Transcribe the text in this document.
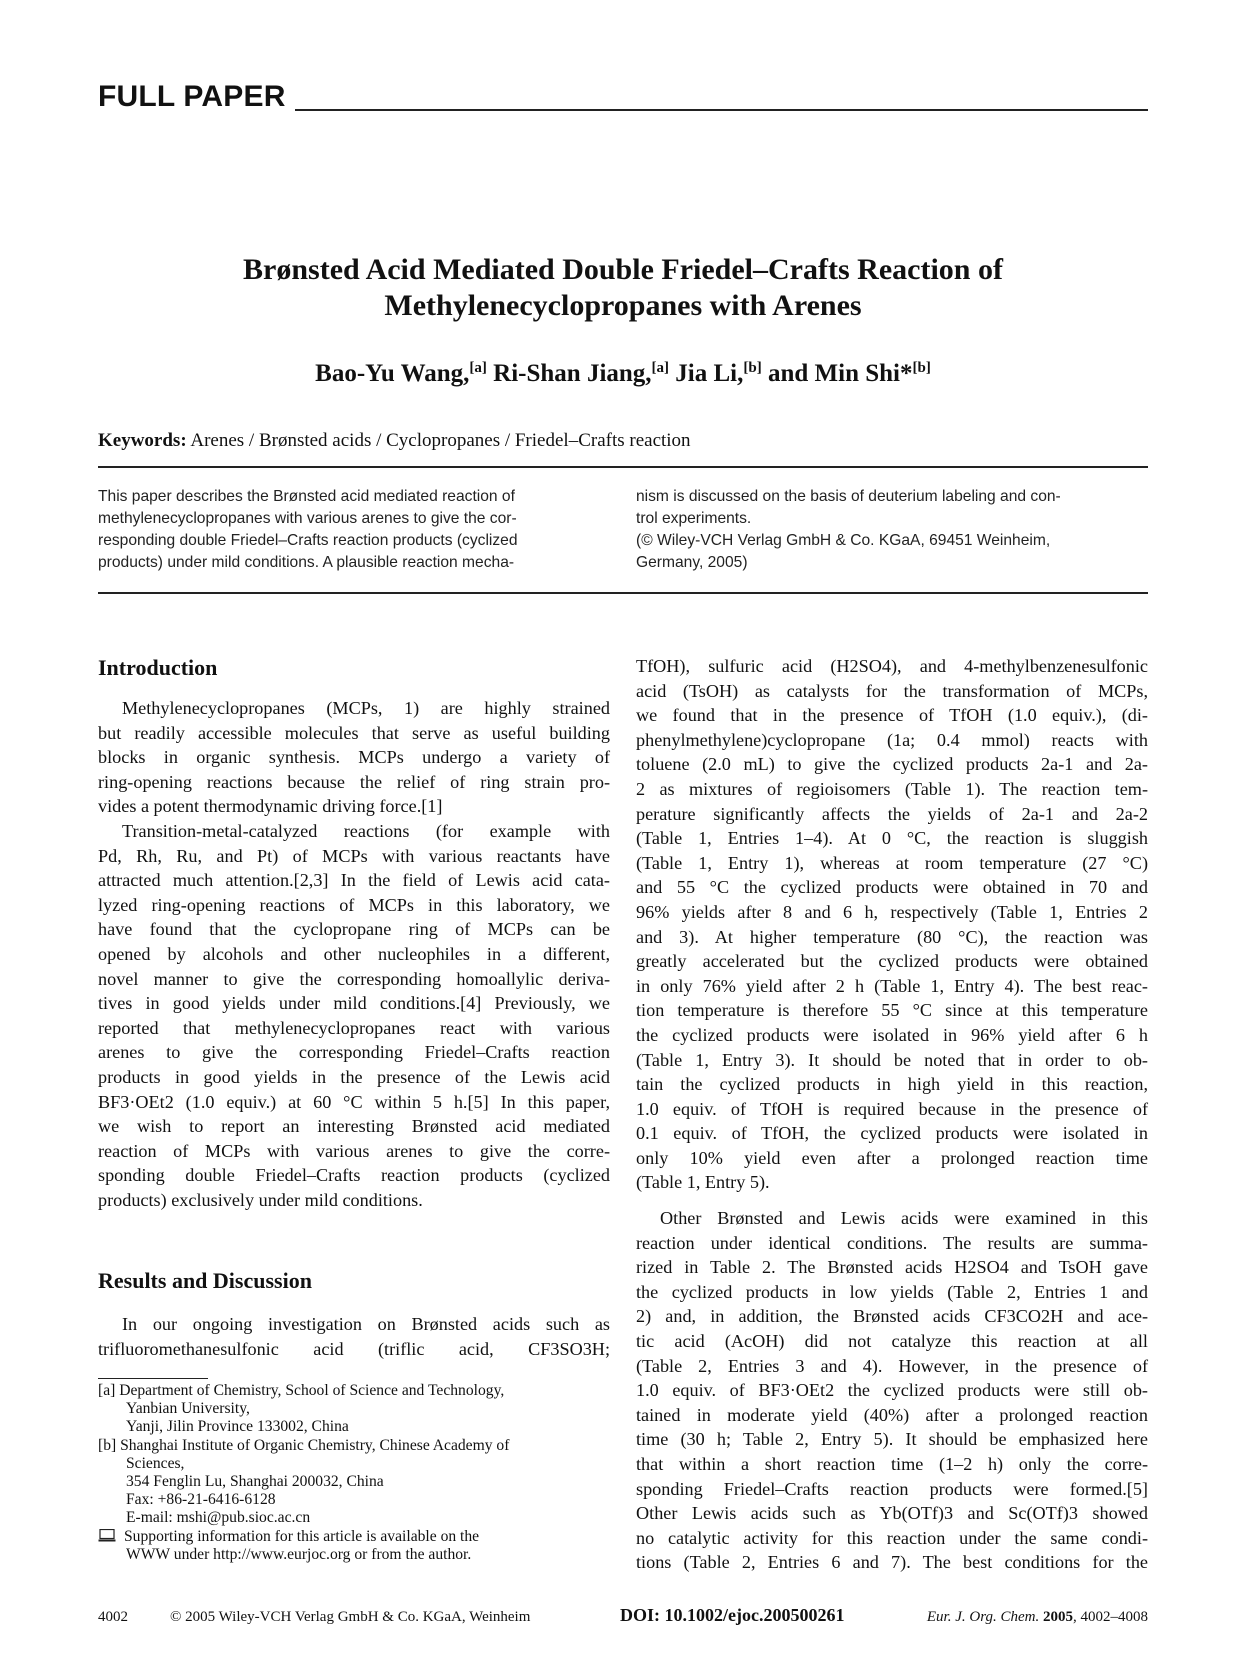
FULL PAPER
Brønsted Acid Mediated Double Friedel–Crafts Reaction of
Methylenecyclopropanes with Arenes
Bao-Yu Wang,[a] Ri-Shan Jiang,[a] Jia Li,[b] and Min Shi*[b]
Keywords: Arenes / Brønsted acids / Cyclopropanes / Friedel–Crafts reaction
This paper describes the Brønsted acid mediated reaction of
methylenecyclopropanes with various arenes to give the cor-
responding double Friedel–Crafts reaction products (cyclized
products) under mild conditions. A plausible reaction mecha-
nism is discussed on the basis of deuterium labeling and con-
trol experiments.
(© Wiley-VCH Verlag GmbH & Co. KGaA, 69451 Weinheim,
Germany, 2005)
Introduction
Methylenecyclopropanes (MCPs, 1) are highly strained
but readily accessible molecules that serve as useful building
blocks in organic synthesis. MCPs undergo a variety of
ring-opening reactions because the relief of ring strain pro-
vides a potent thermodynamic driving force.[1]
Transition-metal-catalyzed reactions (for example with
Pd, Rh, Ru, and Pt) of MCPs with various reactants have
attracted much attention.[2,3] In the field of Lewis acid cata-
lyzed ring-opening reactions of MCPs in this laboratory, we
have found that the cyclopropane ring of MCPs can be
opened by alcohols and other nucleophiles in a different,
novel manner to give the corresponding homoallylic deriva-
tives in good yields under mild conditions.[4] Previously, we
reported that methylenecyclopropanes react with various
arenes to give the corresponding Friedel–Crafts reaction
products in good yields in the presence of the Lewis acid
BF3·OEt2 (1.0 equiv.) at 60 °C within 5 h.[5] In this paper,
we wish to report an interesting Brønsted acid mediated
reaction of MCPs with various arenes to give the corre-
sponding double Friedel–Crafts reaction products (cyclized
products) exclusively under mild conditions.
Results and Discussion
In our ongoing investigation on Brønsted acids such as
trifluoromethanesulfonic acid (triflic acid, CF3SO3H;
TfOH), sulfuric acid (H2SO4), and 4-methylbenzenesulfonic
acid (TsOH) as catalysts for the transformation of MCPs,
we found that in the presence of TfOH (1.0 equiv.), (di-
phenylmethylene)cyclopropane (1a; 0.4 mmol) reacts with
toluene (2.0 mL) to give the cyclized products 2a-1 and 2a-
2 as mixtures of regioisomers (Table 1). The reaction tem-
perature significantly affects the yields of 2a-1 and 2a-2
(Table 1, Entries 1–4). At 0 °C, the reaction is sluggish
(Table 1, Entry 1), whereas at room temperature (27 °C)
and 55 °C the cyclized products were obtained in 70 and
96% yields after 8 and 6 h, respectively (Table 1, Entries 2
and 3). At higher temperature (80 °C), the reaction was
greatly accelerated but the cyclized products were obtained
in only 76% yield after 2 h (Table 1, Entry 4). The best reac-
tion temperature is therefore 55 °C since at this temperature
the cyclized products were isolated in 96% yield after 6 h
(Table 1, Entry 3). It should be noted that in order to ob-
tain the cyclized products in high yield in this reaction,
1.0 equiv. of TfOH is required because in the presence of
0.1 equiv. of TfOH, the cyclized products were isolated in
only 10% yield even after a prolonged reaction time
(Table 1, Entry 5).
Other Brønsted and Lewis acids were examined in this
reaction under identical conditions. The results are summa-
rized in Table 2. The Brønsted acids H2SO4 and TsOH gave
the cyclized products in low yields (Table 2, Entries 1 and
2) and, in addition, the Brønsted acids CF3CO2H and ace-
tic acid (AcOH) did not catalyze this reaction at all
(Table 2, Entries 3 and 4). However, in the presence of
1.0 equiv. of BF3·OEt2 the cyclized products were still ob-
tained in moderate yield (40%) after a prolonged reaction
time (30 h; Table 2, Entry 5). It should be emphasized here
that within a short reaction time (1–2 h) only the corre-
sponding Friedel–Crafts reaction products were formed.[5]
Other Lewis acids such as Yb(OTf)3 and Sc(OTf)3 showed
no catalytic activity for this reaction under the same condi-
tions (Table 2, Entries 6 and 7). The best conditions for the
[a] Department of Chemistry, School of Science and Technology,
Yanbian University,
Yanji, Jilin Province 133002, China
[b] Shanghai Institute of Organic Chemistry, Chinese Academy of
Sciences,
354 Fenglin Lu, Shanghai 200032, China
Fax: +86-21-6416-6128
E-mail: mshi@pub.sioc.ac.cn
Supporting information for this article is available on the
WWW under http://www.eurjoc.org or from the author.
4002	© 2005 Wiley-VCH Verlag GmbH & Co. KGaA, Weinheim	DOI: 10.1002/ejoc.200500261	Eur. J. Org. Chem. 2005, 4002–4008
